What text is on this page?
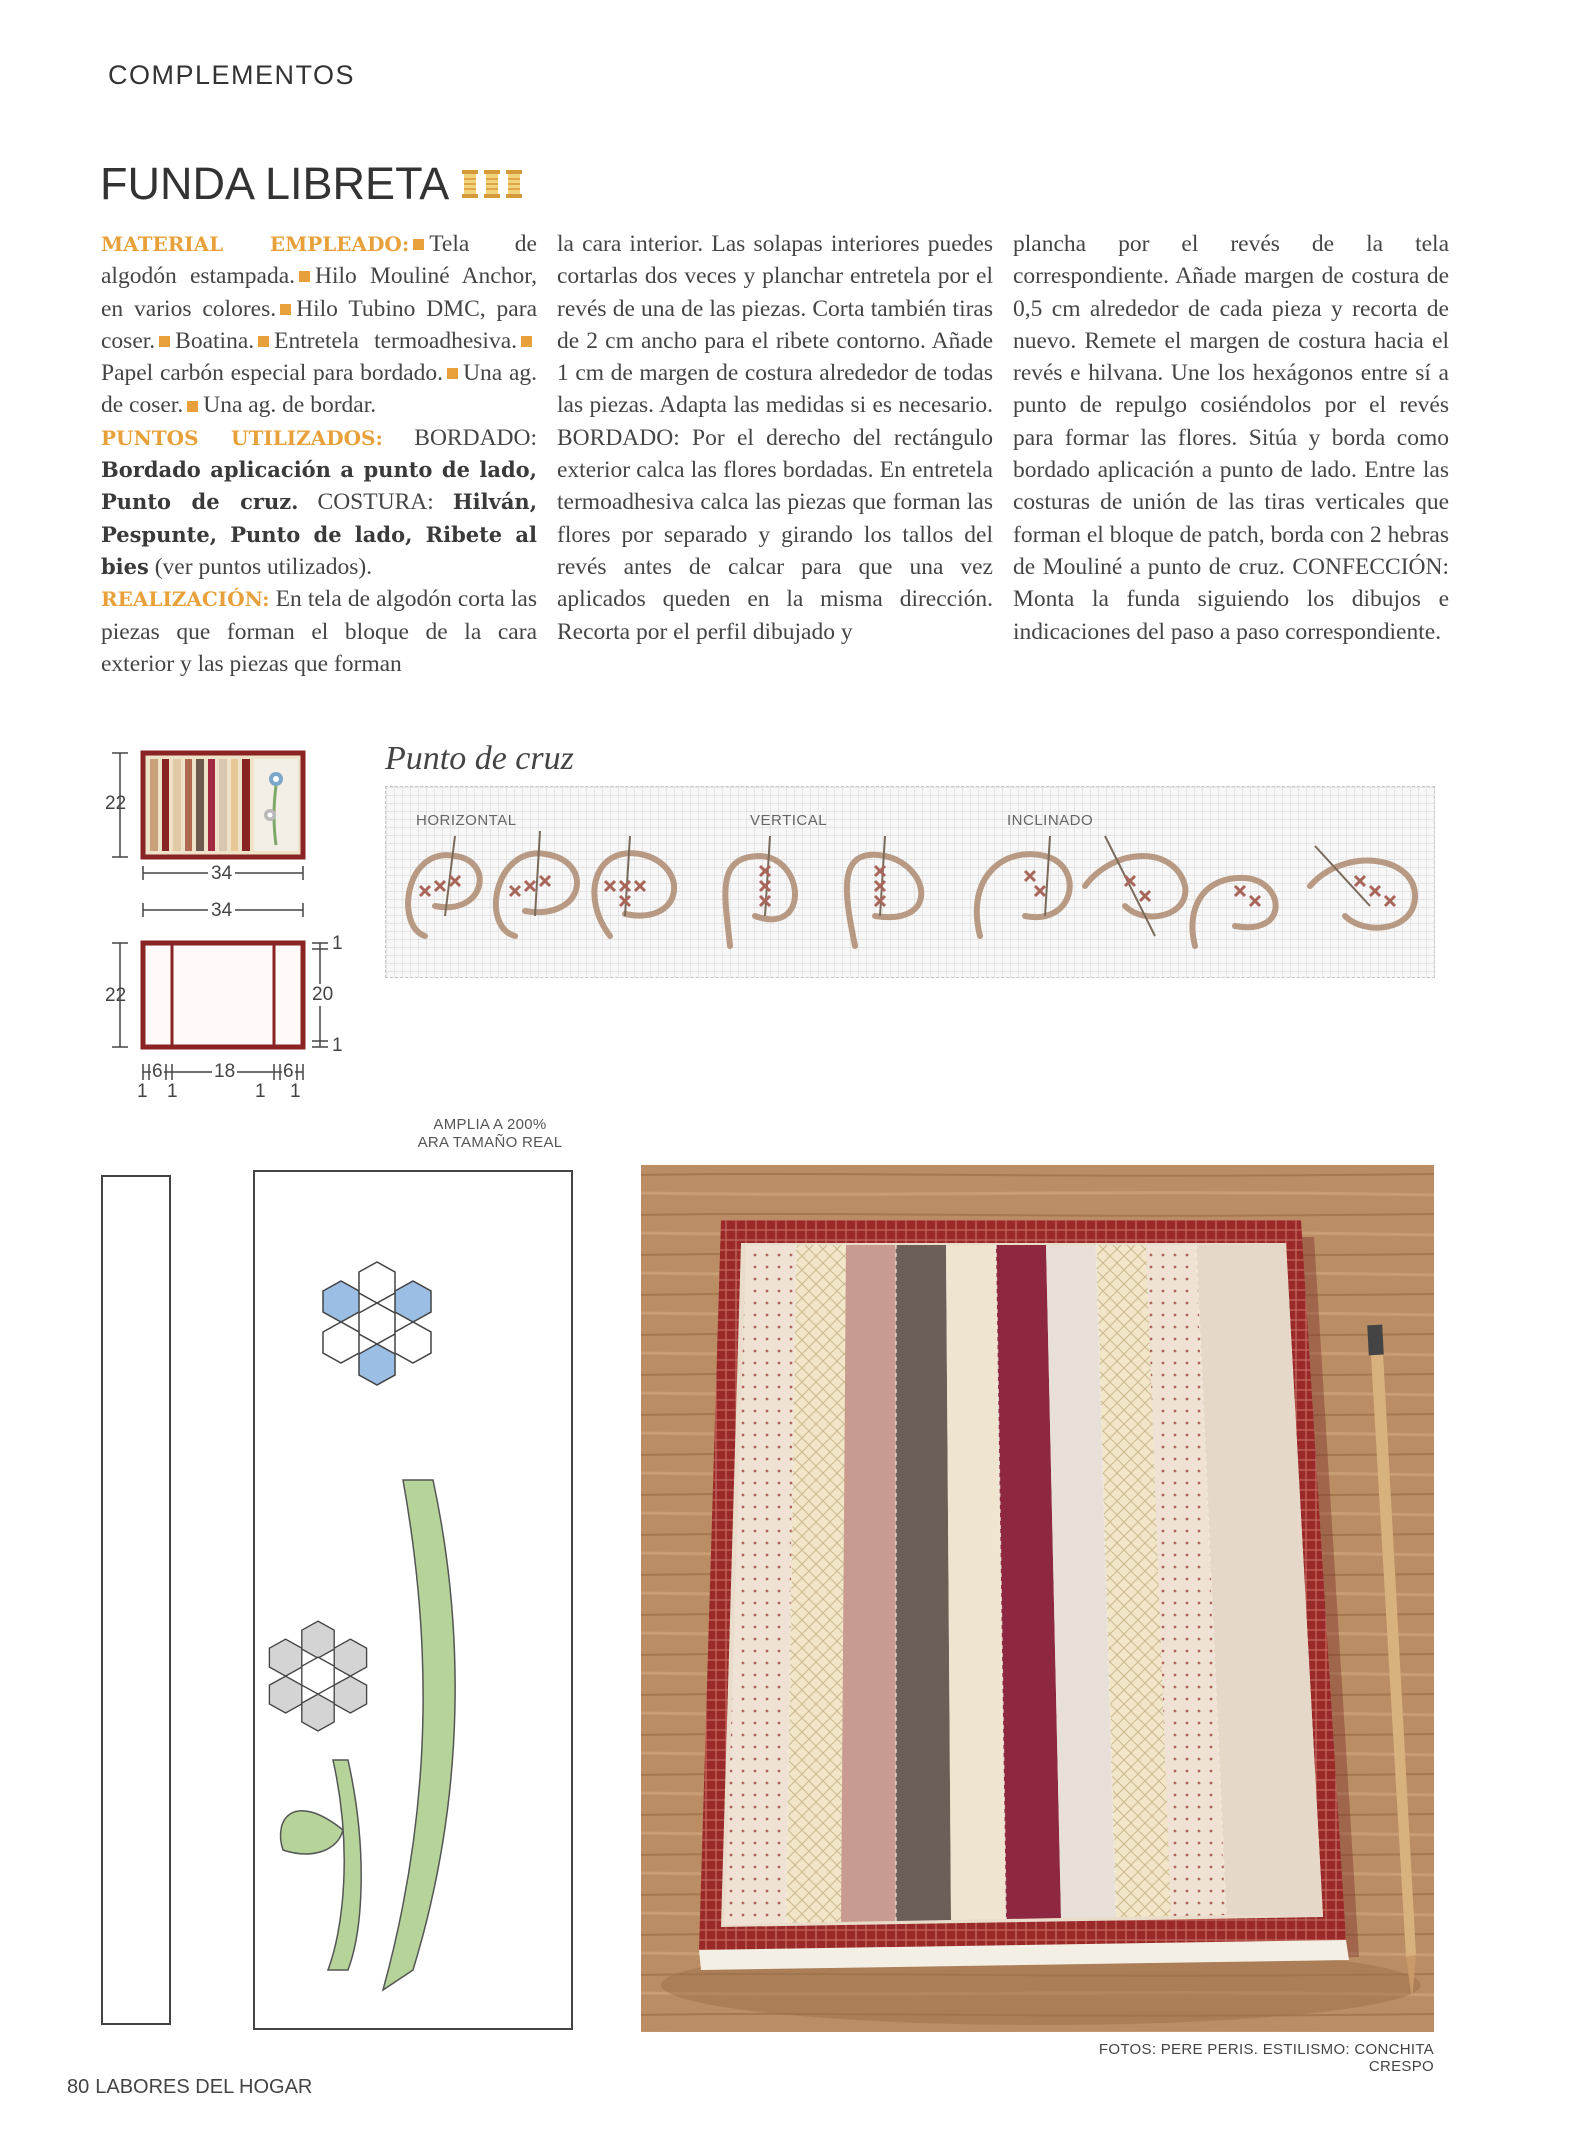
COMPLEMENTOS
FUNDA LIBRETA

MATERIAL EMPLEADO: Tela de algodón estampada. Hilo Mouliné Anchor, en varios colores. Hilo Tubino DMC, para coser. Boatina. Entretela termoadhesiva.Papel carbón especial para bordado. Una ag. de coser. Una ag. de bordar.

PUNTOS UTILIZADOS: BORDADO: Bordado aplicación a punto de lado, Punto de cruz. COSTURA: Hilván, Pespunte, Punto de lado, Ribete al bies (ver puntos utilizados).

REALIZACIÓN: En tela de algodón corta las piezas que forman el bloque de la cara exterior y las piezas que forman

la cara interior. Las solapas interiores puedes cortarlas dos veces y planchar entretela por el revés de una de las piezas. Corta también tiras de 2 cm ancho para el ribete contorno. Añade 1 cm de margen de costura alrededor de todas las piezas. Adapta las medidas si es necesario. BORDADO: Por el derecho del rectángulo exterior calca las flores bordadas. En entretela termoadhesiva calca las piezas que forman las flores por separado y girando los tallos del revés antes de calcar para que una vez aplicados queden en la misma dirección. Recorta por el perfil dibujado y

plancha por el revés de la tela correspondiente. Añade margen de costura de 0,5 cm alrededor de cada pieza y recorta de nuevo. Remete el margen de costura hacia el revés e hilvana. Une los hexágonos entre sí a punto de repulgo cosiéndolos por el revés para formar las flores. Sitúa y borda como bordado aplicación a punto de lado. Entre las costuras de unión de las tiras verticales que forman el bloque de patch, borda con 2 hebras de Mouliné a punto de cruz. CONFECCIÓN: Monta la funda siguiendo los dibujos e indicaciones del paso a paso correspondiente.

22
34
34
22	20
1
1
6	18	6
1 1	1 1
Punto de cruz
HORIZONTAL	VERTICAL	INCLINADO
AMPLIA A 200%
ARA TAMAÑO REAL
FOTOS: PERE PERIS. ESTILISMO: CONCHITA CRESPO
80 LABORES DEL HOGAR
